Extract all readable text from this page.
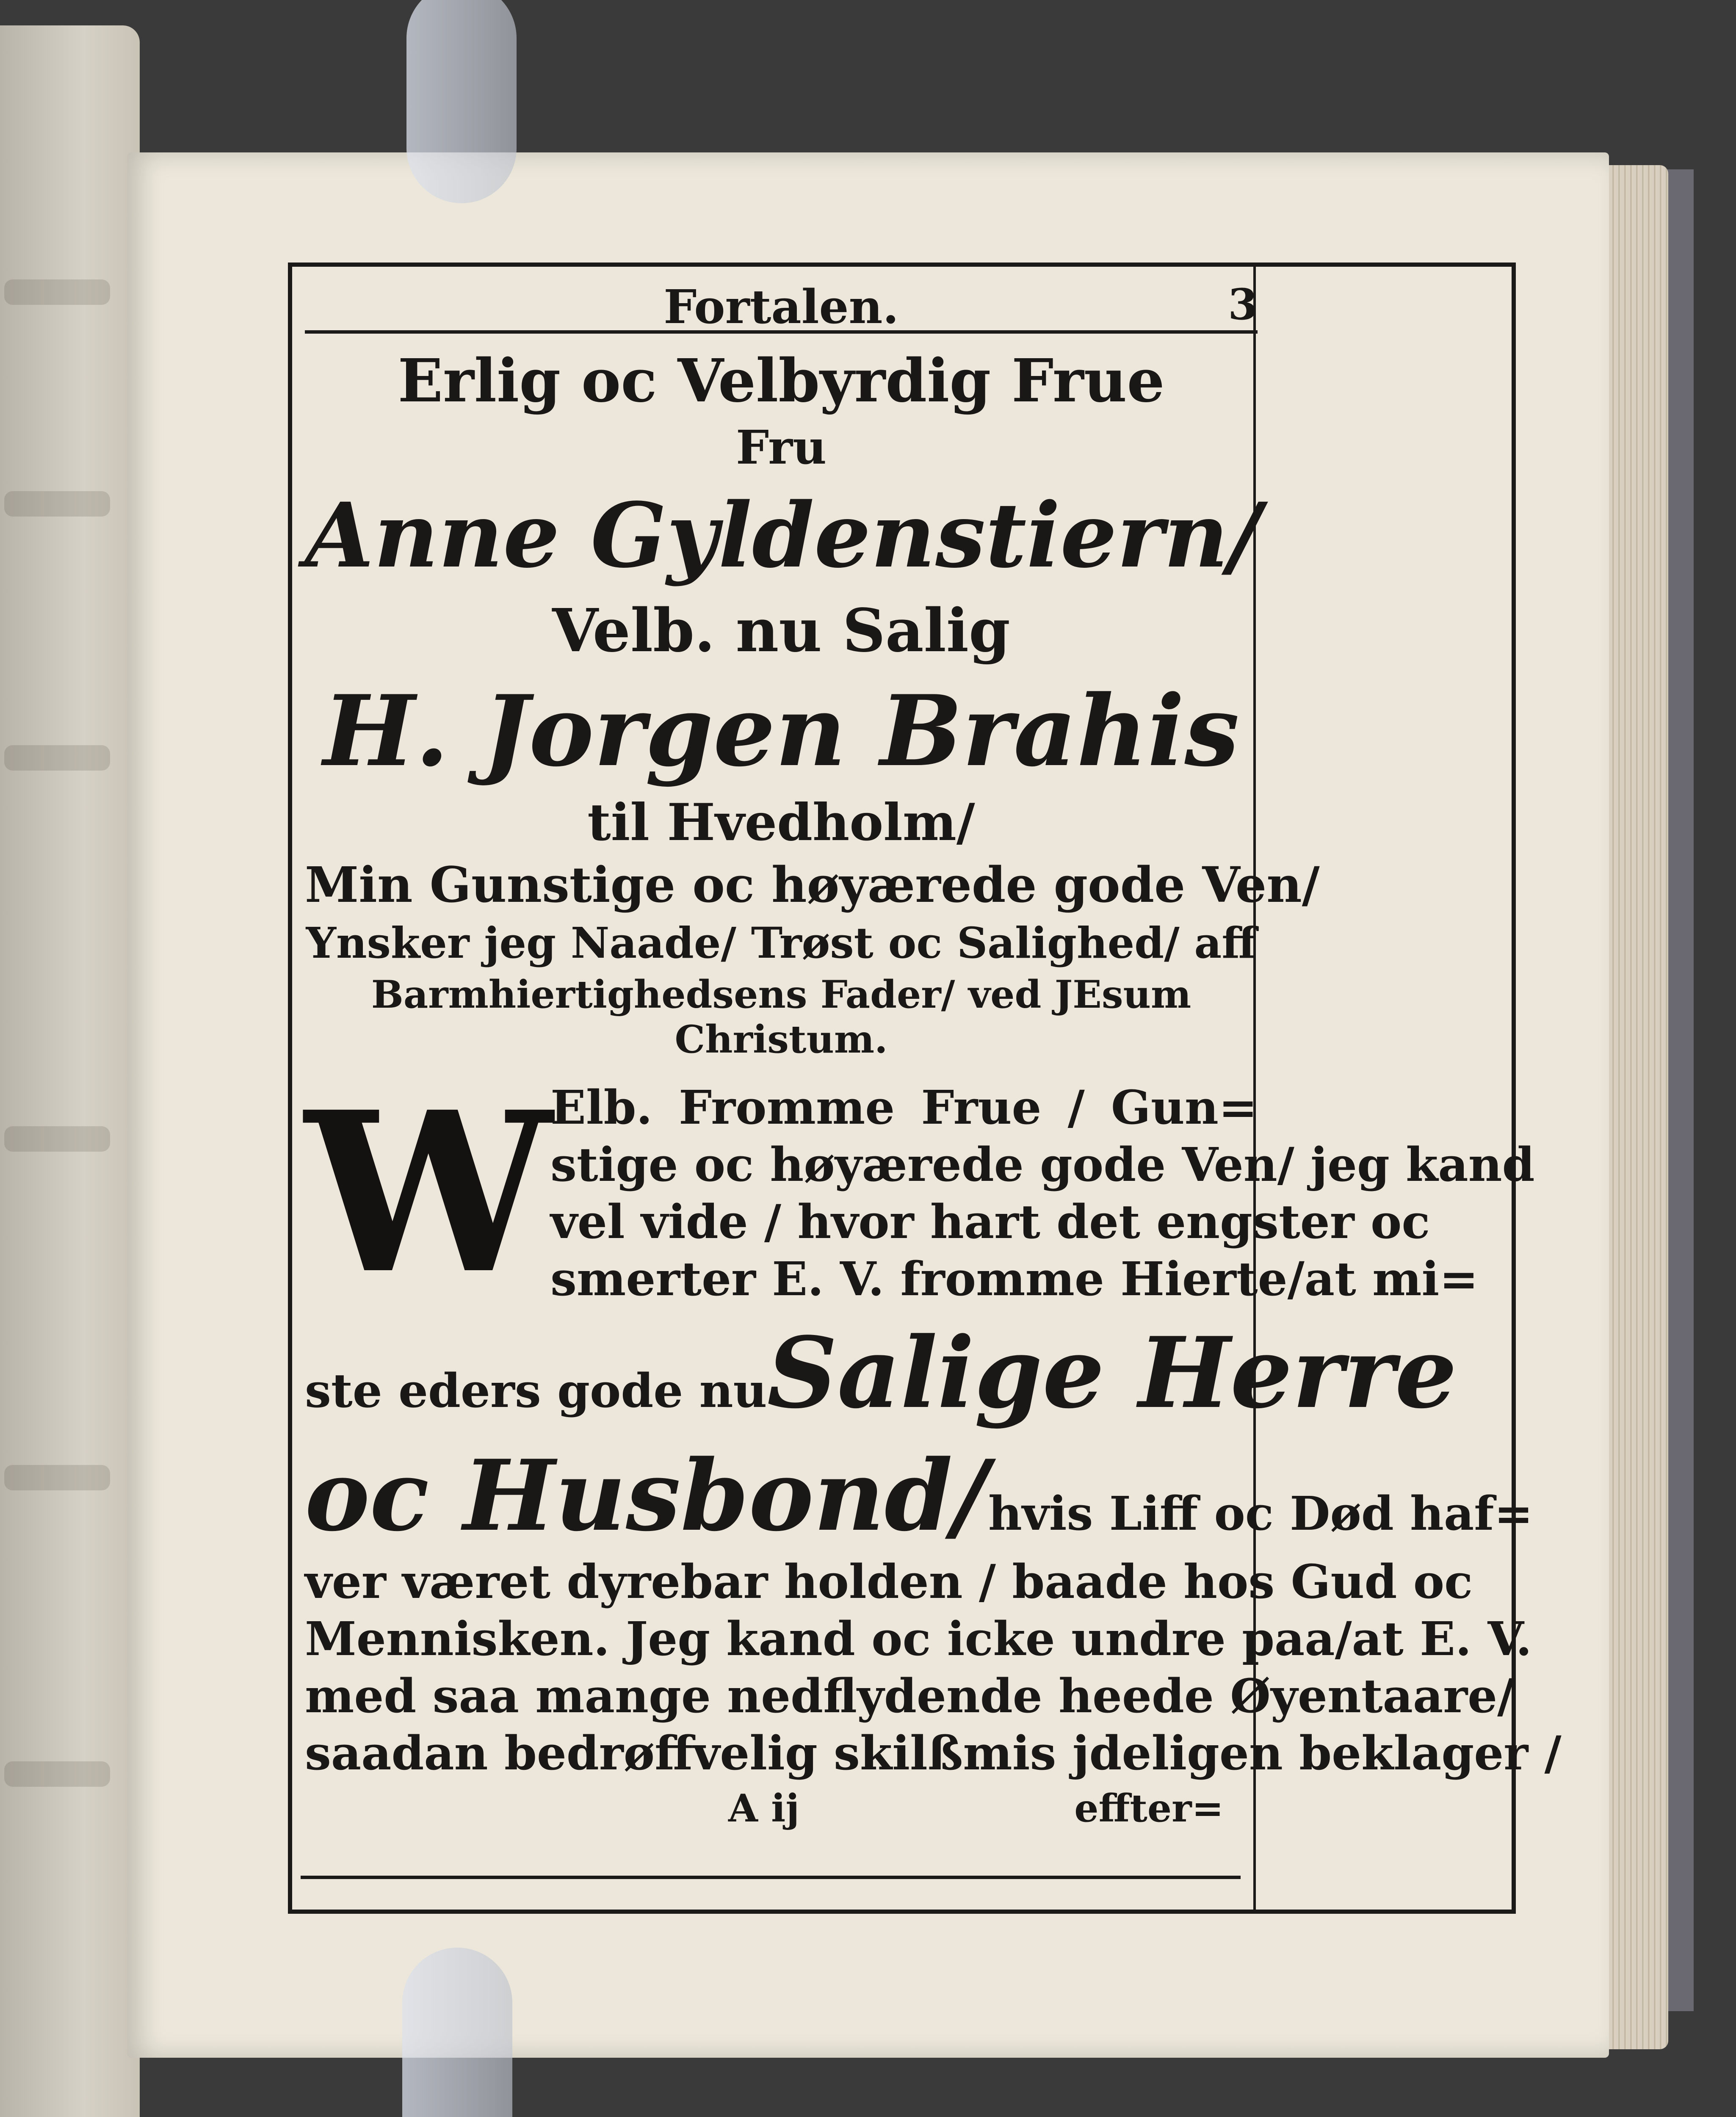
Fortalen.	3
Erlig oc Velbyrdig Frue
Fru
Anne Gyldenstiern/
Velb. nu Salig
H. Jorgen Brahis
til Hvedholm/
Min Gunstige oc høyærede gode Ven/
Ynsker jeg Naade/ Trøst oc Salighed/ aff
Barmhiertighedsens Fader/ ved JEsum
Christum.
W
Elb. Fromme Frue / Gun=
stige oc høyærede gode Ven/ jeg kand
vel vide / hvor hart det engster oc
smerter E. V. fromme Hierte/at mi=
ste eders gode nu Salige Herre
oc Husbond/ hvis Liff oc Død haf=
ver været dyrebar holden / baade hos Gud oc
Mennisken. Jeg kand oc icke undre paa/at E. V.
med saa mange nedflydende heede Øyentaare/
saadan bedrøffvelig skilßmis jdeligen beklager /
A ij	effter=
